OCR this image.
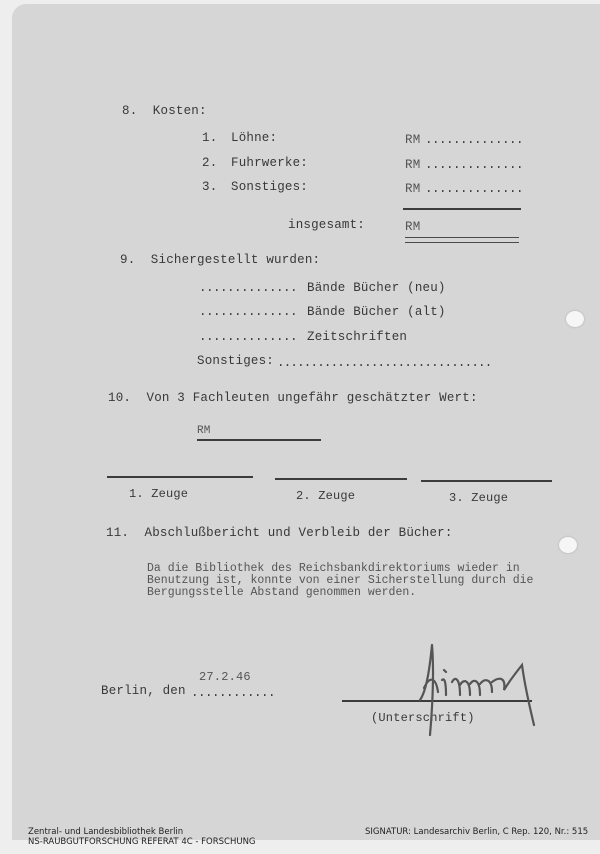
8.  Kosten:
1. Löhne:	RM ..............
2. Fuhrwerke:	RM ..............
3. Sonstiges:	RM ..............
insgesamt:	RM
9.  Sichergestellt wurden:
.............. Bände Bücher (neu)
.............. Bände Bücher (alt)
.............. Zeitschriften
Sonstiges: ................................
10.  Von 3 Fachleuten ungefähr geschätzter Wert:
RM
1. Zeuge	2. Zeuge	3. Zeuge
11.  Abschlußbericht und Verbleib der Bücher:
Da die Bibliothek des Reichsbankdirektoriums wieder in
Benutzung ist, konnte von einer Sicherstellung durch die
Bergungsstelle Abstand genommen werden.
27.2.46
Berlin, den ............
(Unterschrift)
Zentral- und Landesbibliothek Berlin
NS-RAUBGUTFORSCHUNG REFERAT 4C - FORSCHUNG
SIGNATUR: Landesarchiv Berlin, C Rep. 120, Nr.: 515
